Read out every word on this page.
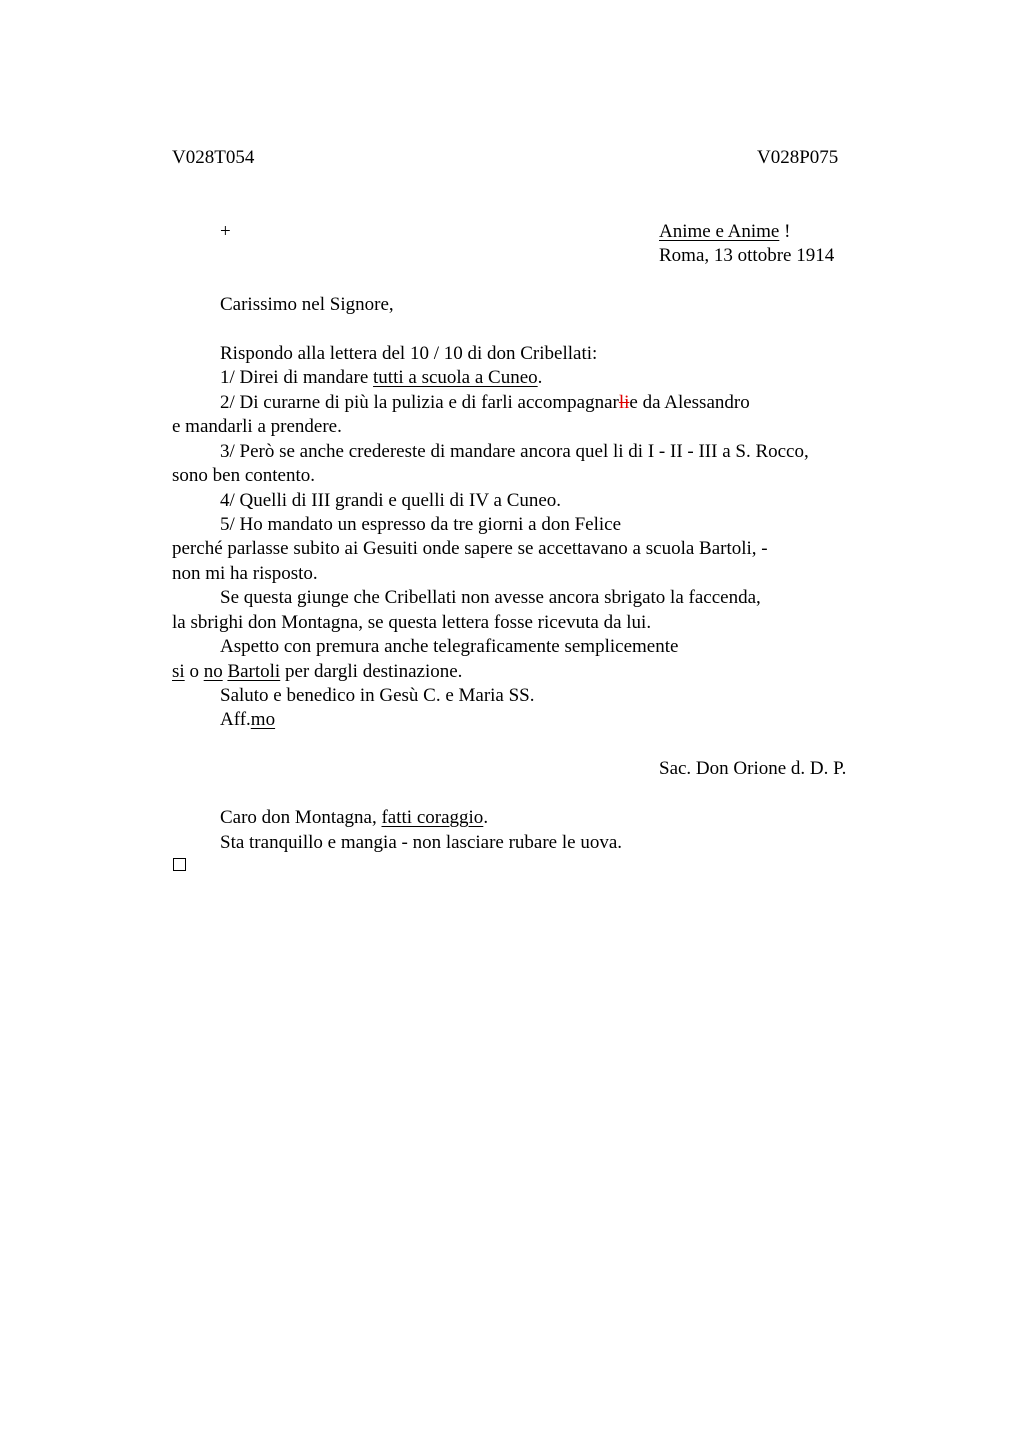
V028T054	V028P075
+	Anime e Anime !
Roma, 13 ottobre 1914
Carissimo nel Signore,
Rispondo alla lettera del 10 / 10 di don Cribellati:
1/ Direi di mandare tutti a scuola a Cuneo.
2/ Di curarne di più la pulizia e di farli accompagnarlie da Alessandro
e mandarli a prendere.
3/ Però se anche credereste di mandare ancora quel li di I - II - III a S. Rocco,
sono ben contento.
4/ Quelli di III grandi e quelli di IV a Cuneo.
5/ Ho mandato un espresso da tre giorni a don Felice
perché parlasse subito ai Gesuiti onde sapere se accettavano a scuola Bartoli, -
non mi ha risposto.
Se questa giunge che Cribellati non avesse ancora sbrigato la faccenda,
la sbrighi don Montagna, se questa lettera fosse ricevuta da lui.
Aspetto con premura anche telegraficamente semplicemente
si o no Bartoli per dargli destinazione.
Saluto e benedico in Gesù C. e Maria SS.
Aff.mo
Sac. Don Orione d. D. P.
Caro don Montagna, fatti coraggio.
Sta tranquillo e mangia - non lasciare rubare le uova.
